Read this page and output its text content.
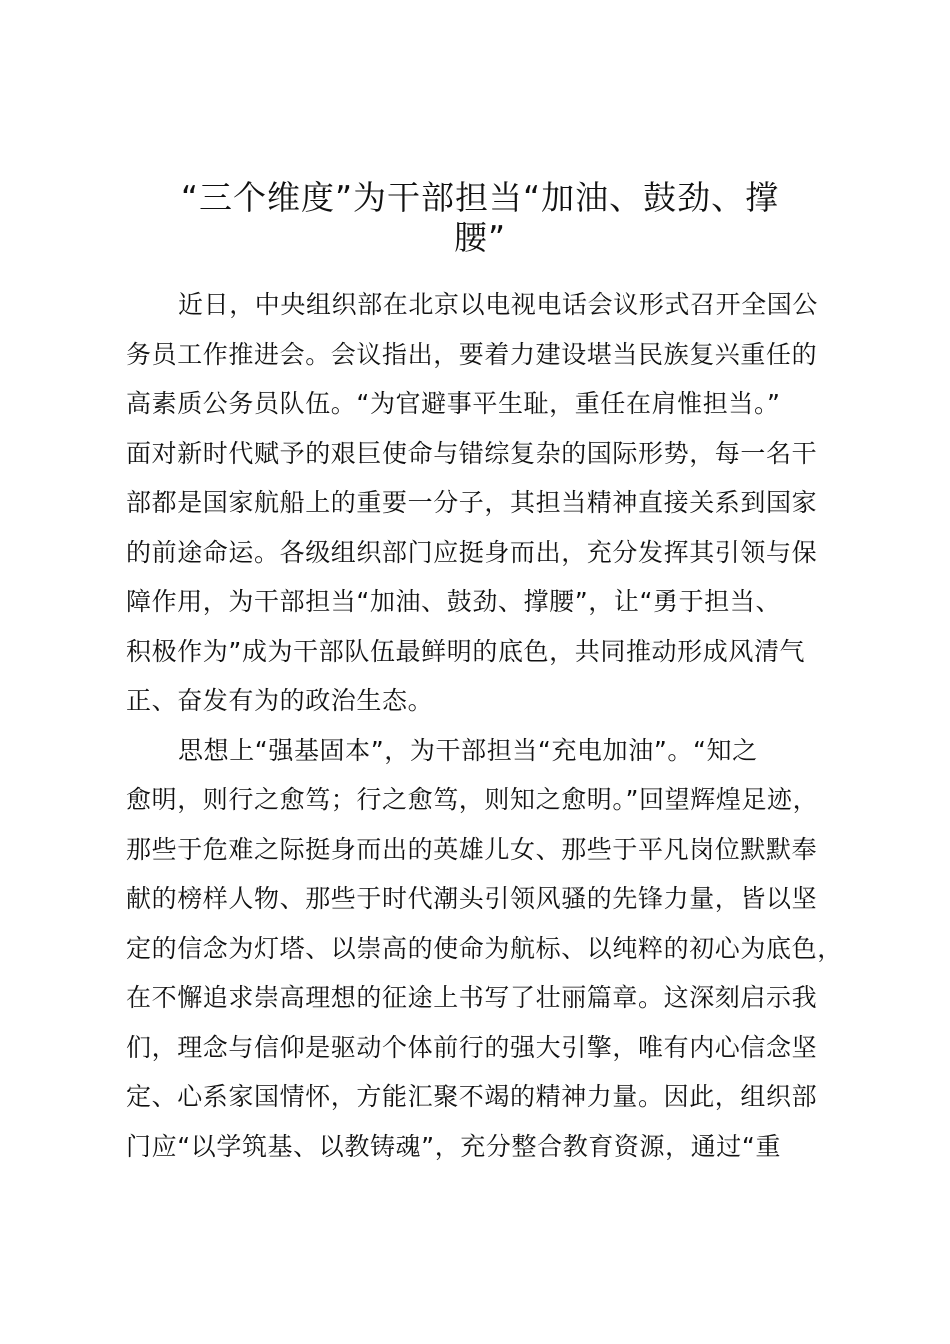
“三个维度”为干部担当“加油、鼓劲、撑
腰”
近日，中央组织部在北京以电视电话会议形式召开全国公
务员工作推进会。会议指出，要着力建设堪当民族复兴重任的
高素质公务员队伍。“为官避事平生耻，重任在肩惟担当。”
面对新时代赋予的艰巨使命与错综复杂的国际形势，每一名干
部都是国家航船上的重要一分子，其担当精神直接关系到国家
的前途命运。各级组织部门应挺身而出，充分发挥其引领与保
障作用，为干部担当“加油、鼓劲、撑腰”，让“勇于担当、
积极作为”成为干部队伍最鲜明的底色，共同推动形成风清气
正、奋发有为的政治生态。
思想上“强基固本”，为干部担当“充电加油”。“知之
愈明，则行之愈笃；行之愈笃，则知之愈明。”回望辉煌足迹，
那些于危难之际挺身而出的英雄儿女、那些于平凡岗位默默奉
献的榜样人物、那些于时代潮头引领风骚的先锋力量，皆以坚
定的信念为灯塔、以崇高的使命为航标、以纯粹的初心为底色，
在不懈追求崇高理想的征途上书写了壮丽篇章。这深刻启示我
们，理念与信仰是驱动个体前行的强大引擎，唯有内心信念坚
定、心系家国情怀，方能汇聚不竭的精神力量。因此，组织部
门应“以学筑基、以教铸魂”，充分整合教育资源，通过“重
